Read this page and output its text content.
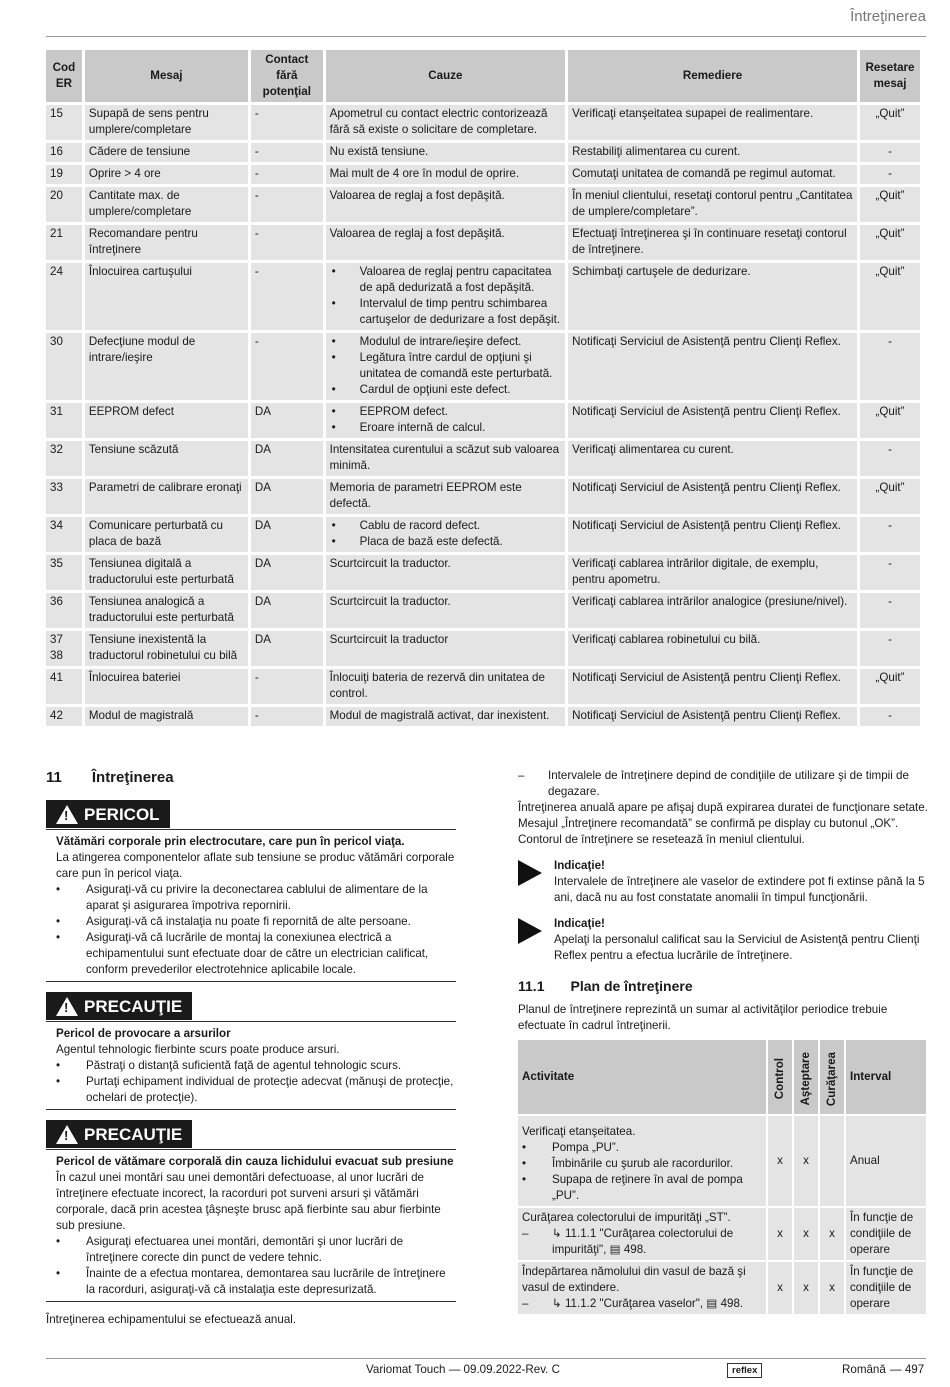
Întreţinerea
Cod ER	Mesaj	Contact fără potenţial	Cauze	Remediere	Resetare mesaj
15	Supapă de sens pentru umplere/completare	-	Apometrul cu contact electric contorizează fără să existe o solicitare de completare.	Verificaţi etanşeitatea supapei de realimentare.	„Quit”
16	Cădere de tensiune	-	Nu există tensiune.	Restabiliţi alimentarea cu curent.	-
19	Oprire > 4 ore	-	Mai mult de 4 ore în modul de oprire.	Comutaţi unitatea de comandă pe regimul automat.	-
20	Cantitate max. de umplere/completare	-	Valoarea de reglaj a fost depăşită.	În meniul clientului, resetaţi contorul pentru „Cantitatea de umplere/completare”.	„Quit”
21	Recomandare pentru întreţinere	-	Valoarea de reglaj a fost depăşită.	Efectuaţi întreţinerea şi în continuare resetaţi contorul de întreţinere.	„Quit”
24	Înlocuirea cartuşului	-	• Valoarea de reglaj pentru capacitatea de apă dedurizată a fost depăşită.
• Intervalul de timp pentru schimbarea cartuşelor de dedurizare a fost depăşit.	Schimbaţi cartuşele de dedurizare.	„Quit”
30	Defecţiune modul de intrare/ieşire	-	• Modulul de intrare/ieşire defect.
• Legătura între cardul de opţiuni şi unitatea de comandă este perturbată.
• Cardul de opţiuni este defect.	Notificaţi Serviciul de Asistenţă pentru Clienţi Reflex.	-
31	EEPROM defect	DA	• EEPROM defect.
• Eroare internă de calcul.	Notificaţi Serviciul de Asistenţă pentru Clienţi Reflex.	„Quit”
32	Tensiune scăzută	DA	Intensitatea curentului a scăzut sub valoarea minimă.	Verificaţi alimentarea cu curent.	-
33	Parametri de calibrare eronaţi	DA	Memoria de parametri EEPROM este defectă.	Notificaţi Serviciul de Asistenţă pentru Clienţi Reflex.	„Quit”
34	Comunicare perturbată cu placa de bază	DA	• Cablu de racord defect.
• Placa de bază este defectă.	Notificaţi Serviciul de Asistenţă pentru Clienţi Reflex.	-
35	Tensiunea digitală a traductorului este perturbată	DA	Scurtcircuit la traductor.	Verificaţi cablarea intrărilor digitale, de exemplu, pentru apometru.	-
36	Tensiunea analogică a traductorului este perturbată	DA	Scurtcircuit la traductor.	Verificaţi cablarea intrărilor analogice (presiune/nivel).	-
37 38	Tensiune inexistentă la traductorul robinetului cu bilă	DA	Scurtcircuit la traductor	Verificaţi cablarea robinetului cu bilă.	-
41	Înlocuirea bateriei	-	Înlocuiţi bateria de rezervă din unitatea de control.	Notificaţi Serviciul de Asistenţă pentru Clienţi Reflex.	„Quit”
42	Modul de magistrală	-	Modul de magistrală activat, dar inexistent.	Notificaţi Serviciul de Asistenţă pentru Clienţi Reflex.	-
11 Întreţinerea
!
PERICOL
Vătămări corporale prin electrocutare, care pun în pericol viaţa.
La atingerea componentelor aflate sub tensiune se produc vătămări corporale care pun în pericol viaţa.
• Asiguraţi-vă cu privire la deconectarea cablului de alimentare de la aparat şi asigurarea împotriva repornirii.
• Asiguraţi-vă că instalaţia nu poate fi repornită de alte persoane.
• Asiguraţi-vă că lucrările de montaj la conexiunea electrică a echipamentului sunt efectuate doar de către un electrician calificat, conform prevederilor electrotehnice aplicabile locale.
!
PRECAUŢIE
Pericol de provocare a arsurilor
Agentul tehnologic fierbinte scurs poate produce arsuri.
• Păstraţi o distanţă suficientă faţă de agentul tehnologic scurs.
• Purtaţi echipament individual de protecţie adecvat (mănuşi de protecţie, ochelari de protecţie).
!
PRECAUŢIE
Pericol de vătămare corporală din cauza lichidului evacuat sub presiune
În cazul unei montări sau unei demontări defectuoase, al unor lucrări de întreţinere efectuate incorect, la racorduri pot surveni arsuri şi vătămări corporale, dacă prin acestea ţâşneşte brusc apă fierbinte sau abur fierbinte sub presiune.
• Asiguraţi efectuarea unei montări, demontări şi unor lucrări de întreţinere corecte din punct de vedere tehnic.
• Înainte de a efectua montarea, demontarea sau lucrările de întreţinere la racorduri, asiguraţi-vă că instalaţia este depresurizată.
Întreţinerea echipamentului se efectuează anual.
– Intervalele de întreţinere depind de condiţiile de utilizare şi de timpii de degazare.
Întreţinerea anuală apare pe afişaj după expirarea duratei de funcţionare setate. Mesajul „Întreţinere recomandată” se confirmă pe display cu butonul „OK”. Contorul de întreţinere se resetează în meniul clientului.
Indicaţie!
Intervalele de întreţinere ale vaselor de extindere pot fi extinse până la 5 ani, dacă nu au fost constatate anomalii în timpul funcţionării.
Indicaţie!
Apelaţi la personalul calificat sau la Serviciul de Asistenţă pentru Clienţi Reflex pentru a efectua lucrările de întreţinere.
11.1 Plan de întreţinere
Planul de întreţinere reprezintă un sumar al activităţilor periodice trebuie efectuate în cadrul întreţinerii.
Activitate	Control	Aşteptare	Curăţarea	Interval

Verificaţi etanşeitatea.
• Pompa „PU”.
• Îmbinările cu şurub ale racordurilor.
• Supapa de reţinere în aval de pompa „PU”.	x	x		Anual

Curăţarea colectorului de impurităţi „ST”.
– ↳ 11.1.1 "Curăţarea colectorului de impurităţi", ▤ 498.	x	x	x	În funcţie de condiţiile de operare

Îndepărtarea nămolului din vasul de bază şi vasul de extindere.
– ↳ 11.1.2 "Curăţarea vaselor", ▤ 498.	x	x	x	În funcţie de condiţiile de operare
Variomat Touch — 09.09.2022-Rev. C	reflex	Română — 497
